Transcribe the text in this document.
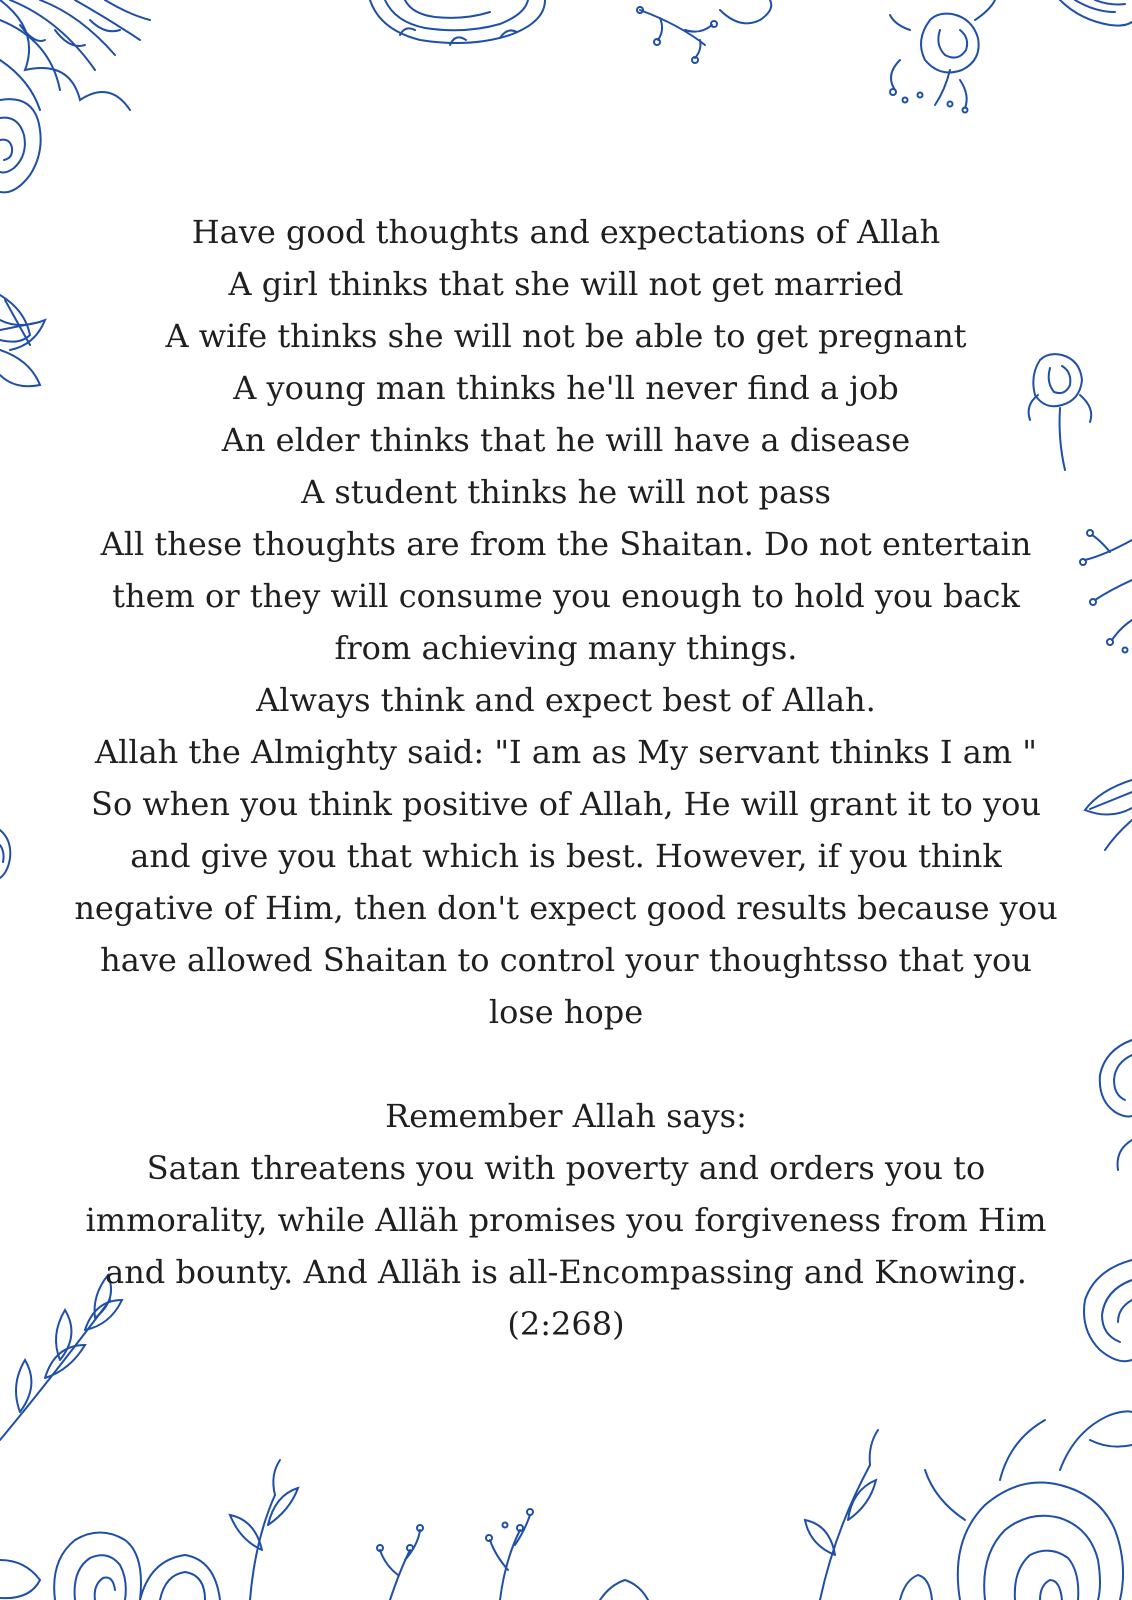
Have good thoughts and expectations of Allah

A girl thinks that she will not get married

A wife thinks she will not be able to get pregnant

A young man thinks he'll never find a job

An elder thinks that he will have a disease

A student thinks he will not pass

All these thoughts are from the Shaitan. Do not entertain

them or they will consume you enough to hold you back

from achieving many things.

Always think and expect best of Allah.

Allah the Almighty said: "I am as My servant thinks I am "

So when you think positive of Allah, He will grant it to you

and give you that which is best. However, if you think

negative of Him, then don't expect good results because you

have allowed Shaitan to control your thoughtsso that you

lose hope

Remember Allah says:

Satan threatens you with poverty and orders you to

immorality, while Alläh promises you forgiveness from Him

and bounty. And Alläh is all-Encompassing and Knowing.

(2:268)
